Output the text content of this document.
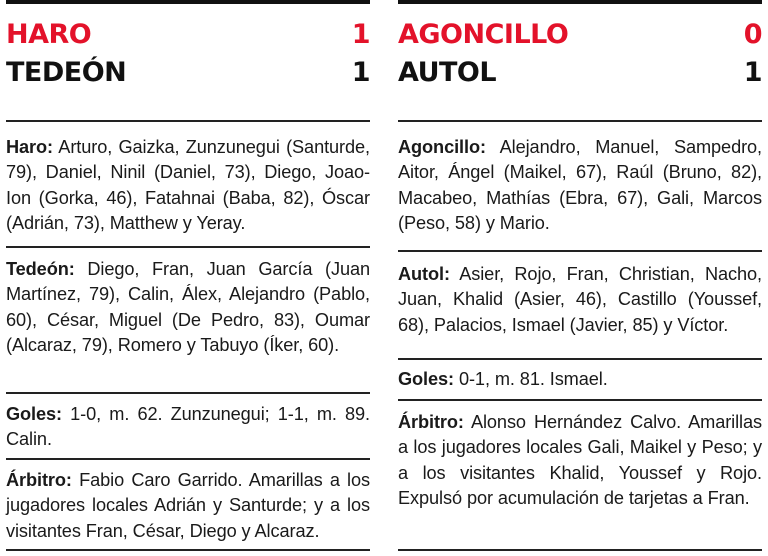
HARO	1
TEDEÓN	1
Haro: Arturo, Gaizka, Zunzunegui (Santurde, 79), Daniel, Ninil (Daniel, 73), Diego, Joao-Ion (Gorka, 46), Fatahnai (Baba, 82), Óscar (Adrián, 73), Matthew y Yeray.
Tedeón: Diego, Fran, Juan García (Juan Martínez, 79), Calin, Álex, Alejandro (Pablo, 60), César, Miguel (De Pedro, 83), Oumar (Alcaraz, 79), Romero y Tabuyo (Íker, 60).
Goles: 1-0, m. 62. Zunzunegui; 1-1, m. 89. Calin.
Árbitro: Fabio Caro Garrido. Amarillas a los jugadores locales Adrián y Santurde; y a los visitantes Fran, César, Diego y Alcaraz.
AGONCILLO	0
AUTOL	1
Agoncillo: Alejandro, Manuel, Sampedro, Aitor, Ángel (Maikel, 67), Raúl (Bruno, 82), Macabeo, Mathías (Ebra, 67), Gali, Marcos (Peso, 58) y Mario.
Autol: Asier, Rojo, Fran, Christian, Nacho, Juan, Khalid (Asier, 46), Castillo (Youssef, 68), Palacios, Ismael (Javier, 85) y Víctor.
Goles: 0-1, m. 81. Ismael.
Árbitro: Alonso Hernández Calvo. Amarillas a los jugadores locales Gali, Maikel y Peso; y a los visitantes Khalid, Youssef y Rojo. Expulsó por acumulación de tarjetas a Fran.
